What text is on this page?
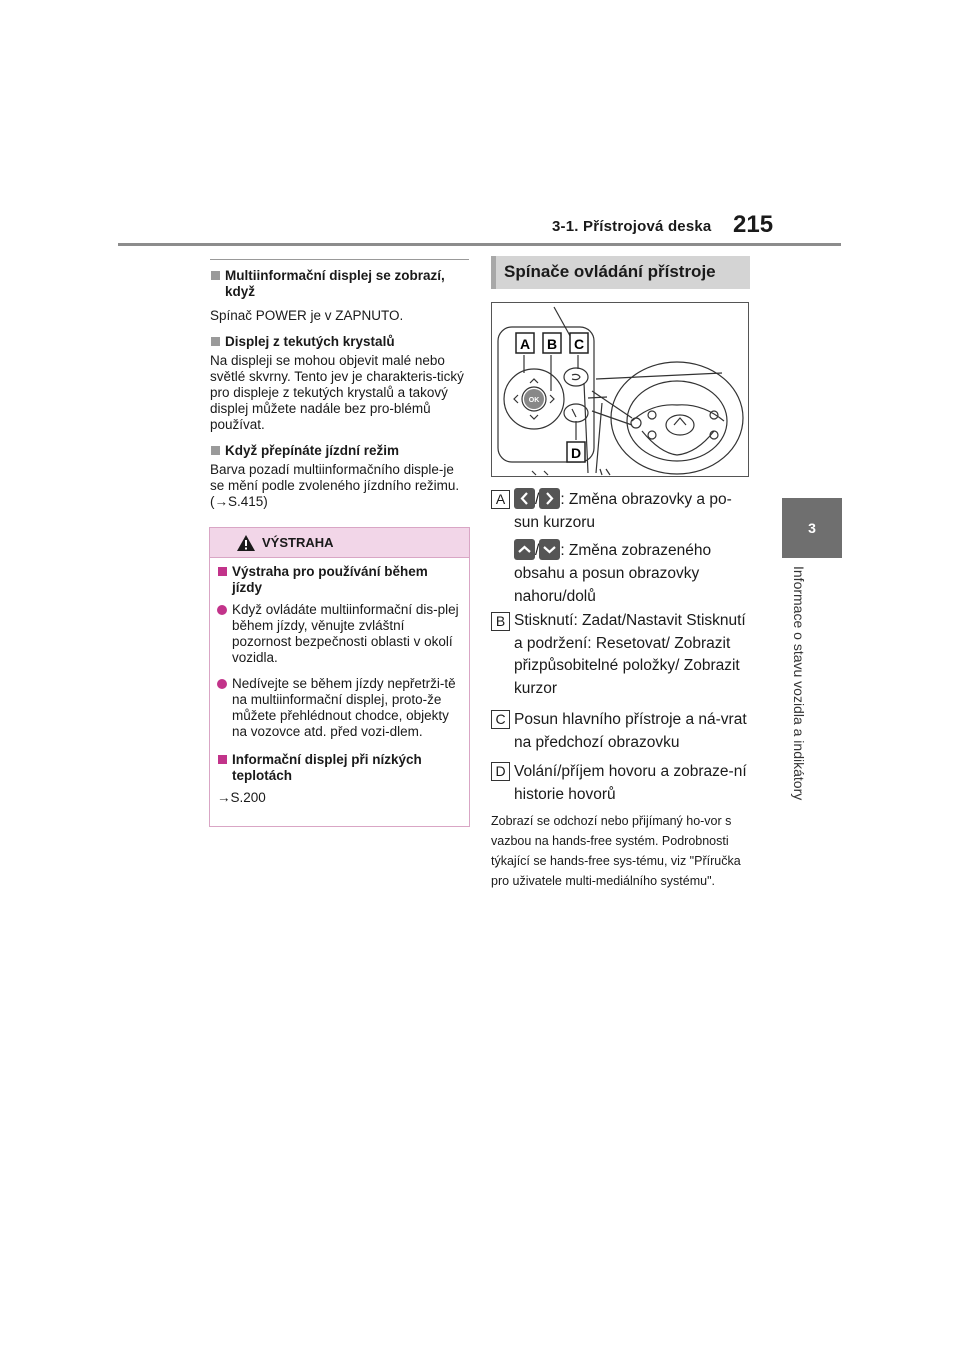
3-1. Přístrojová deska 215
3
Informace o stavu vozidla a indikátory
Multiinformační displej se zobrazí, když
Spínač POWER je v ZAPNUTO.
Displej z tekutých krystalů
Na displeji se mohou objevit malé nebo světlé skvrny. Tento jev je charakteris-tický pro displeje z tekutých krystalů a takový displej můžete nadále bez pro-blémů používat.
Když přepínáte jízdní režim
Barva pozadí multiinformačního disple-je se mění podle zvoleného jízdního režimu. (→S.415)
VÝSTRAHA
Výstraha pro používání během jízdy
Když ovládáte multiinformační dis-plej během jízdy, věnujte zvláštní pozornost bezpečnosti oblasti v okolí vozidla.
Nedívejte se během jízdy nepřetrži-tě na multiinformační displej, proto-že můžete přehlédnout chodce, objekty na vozovce atd. před vozi-dlem.
Informační displej při nízkých teplotách
→S.200
Spínače ovládání přístroje
OK
A B C
D
A	/ : Změna obrazovky a po-sun kurzoru
/ : Změna zobrazeného obsahu a posun obrazovky nahoru/dolů
B Stisknutí: Zadat/Nastavit Stisknutí a podržení: Resetovat/ Zobrazit přizpůsobitelné položky/ Zobrazit kurzor
C Posun hlavního přístroje a ná-vrat na předchozí obrazovku
D Volání/příjem hovoru a zobraze-ní historie hovorů
Zobrazí se odchozí nebo přijímaný ho-vor s vazbou na hands-free systém. Podrobnosti týkající se hands-free sys-tému, viz "Příručka pro uživatele multi-mediálního systému".
